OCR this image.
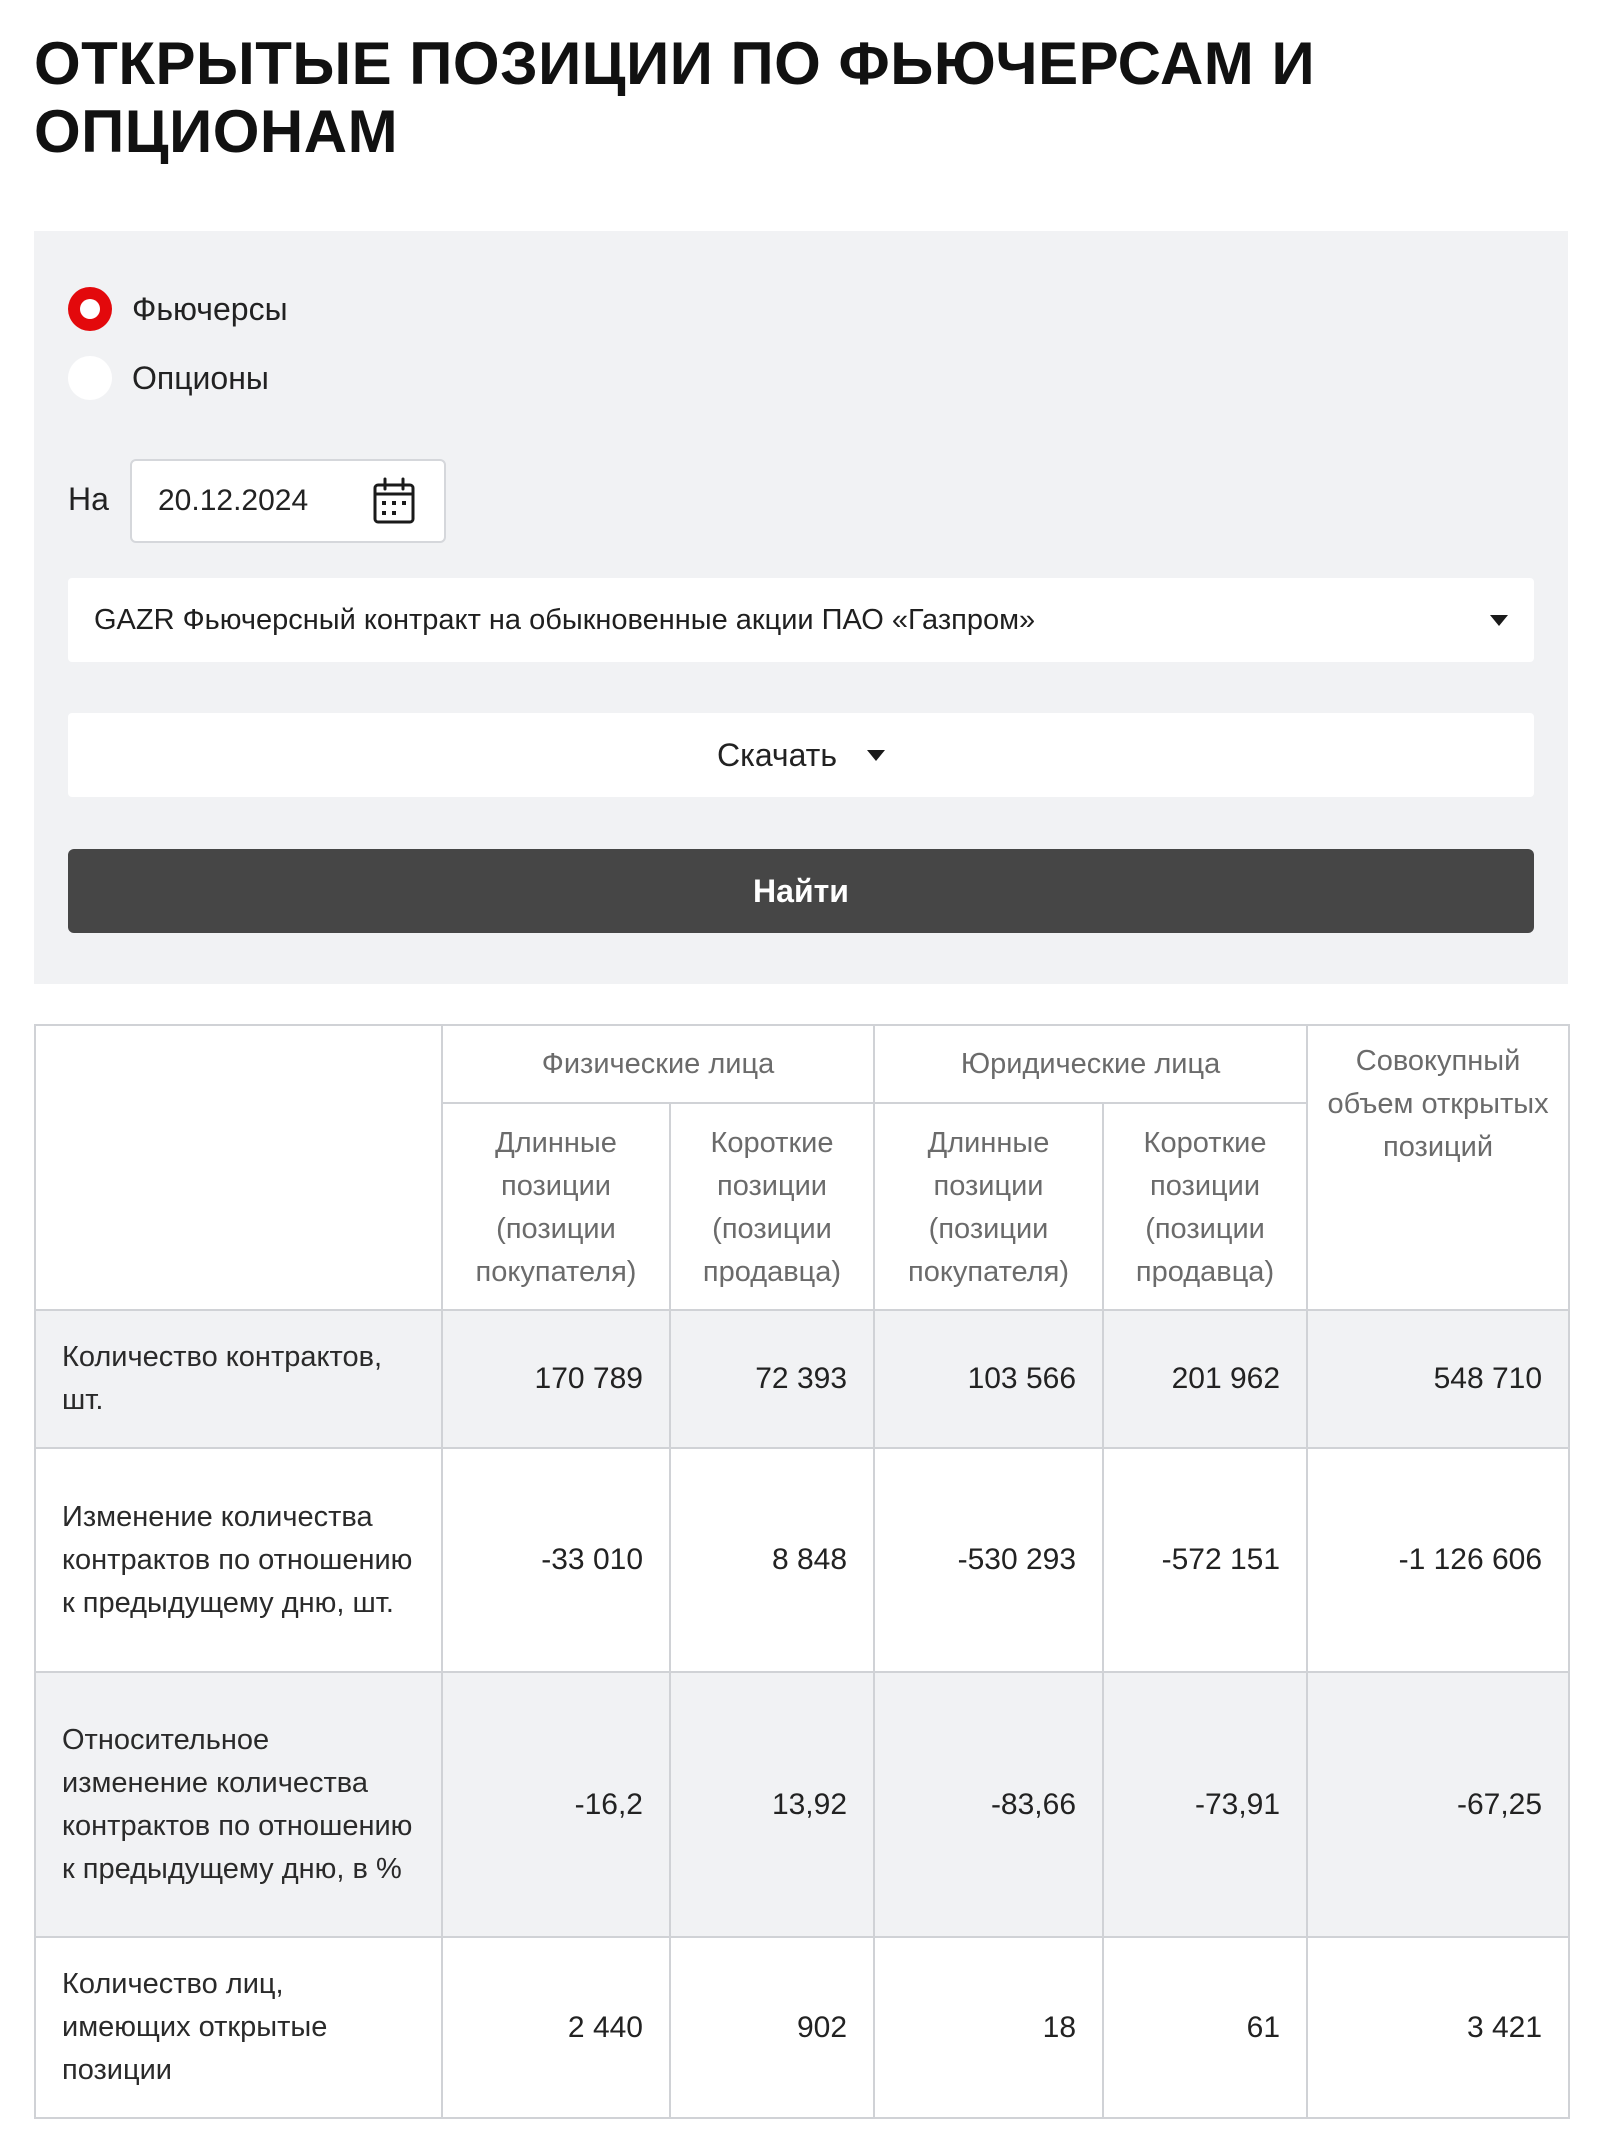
ОТКРЫТЫЕ ПОЗИЦИИ ПО ФЬЮЧЕРСАМ И ОПЦИОНАМ
Фьючерсы
Опционы
На 20.12.2024
GAZR Фьючерсный контракт на обыкновенные акции ПАО «Газпром»
Скачать
Найти
	Физические лица		Юридические лица		Совокупный объем открытых позиций
	Длинные позиции (позиции покупателя)	Короткие позиции (позиции продавца)	Длинные позиции (позиции покупателя)	Короткие позиции (позиции продавца)	
Количество контрактов, шт.	170 789	72 393	103 566	201 962	548 710
Изменение количества контрактов по отношению к предыдущему дню, шт.	-33 010	8 848	-530 293	-572 151	-1 126 606
Относительное изменение количества контрактов по отношению к предыдущему дню, в %	-16,2	13,92	-83,66	-73,91	-67,25
Количество лиц, имеющих открытые позиции	2 440	902	18	61	3 421
